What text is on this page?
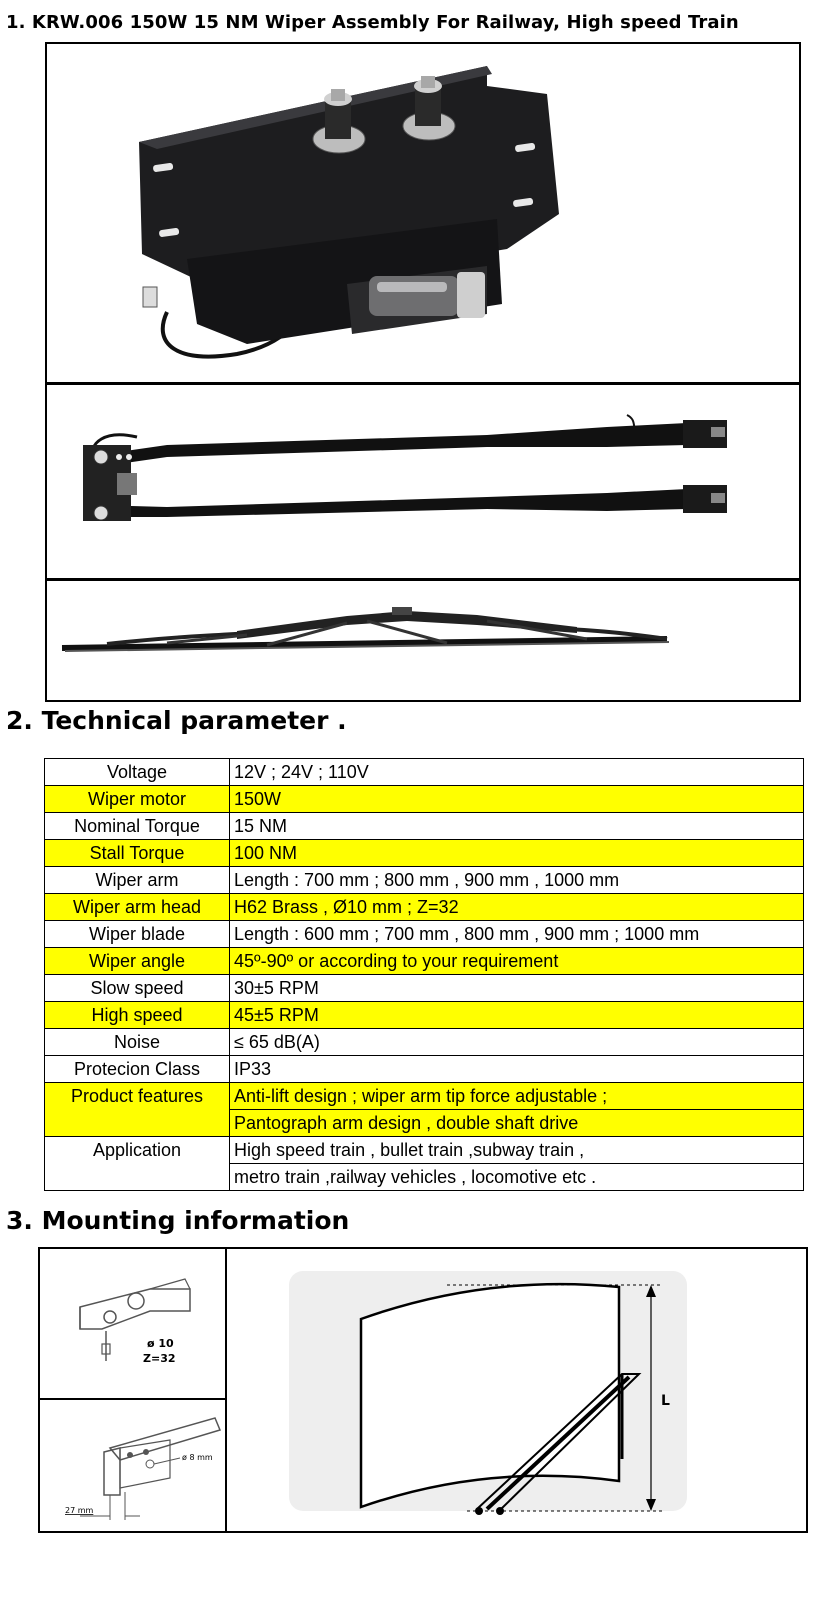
1. KRW.006 150W 15 NM Wiper Assembly For Railway, High speed Train
2. Technical parameter .
Voltage	12V ; 24V ; 110V
Wiper motor	150W
Nominal Torque	15 NM
Stall Torque	100 NM
Wiper arm	Length : 700 mm ; 800 mm , 900 mm , 1000 mm
Wiper arm head	H62 Brass , Ø10 mm ; Z=32
Wiper blade	Length : 600 mm ; 700 mm , 800 mm , 900 mm ; 1000 mm
Wiper angle	45º-90º or according to your requirement
Slow speed	30±5 RPM
High speed	45±5 RPM
Noise	≤ 65 dB(A)
Protecion Class	IP33
Product features	Anti-lift design ; wiper arm tip force adjustable ;
	Pantograph arm design , double shaft drive
Application	High speed train , bullet train ,subway train ,
	metro train ,railway vehicles , locomotive etc .
3. Mounting information
ø 10
Z=32
ø 8 mm
27 mm
L
